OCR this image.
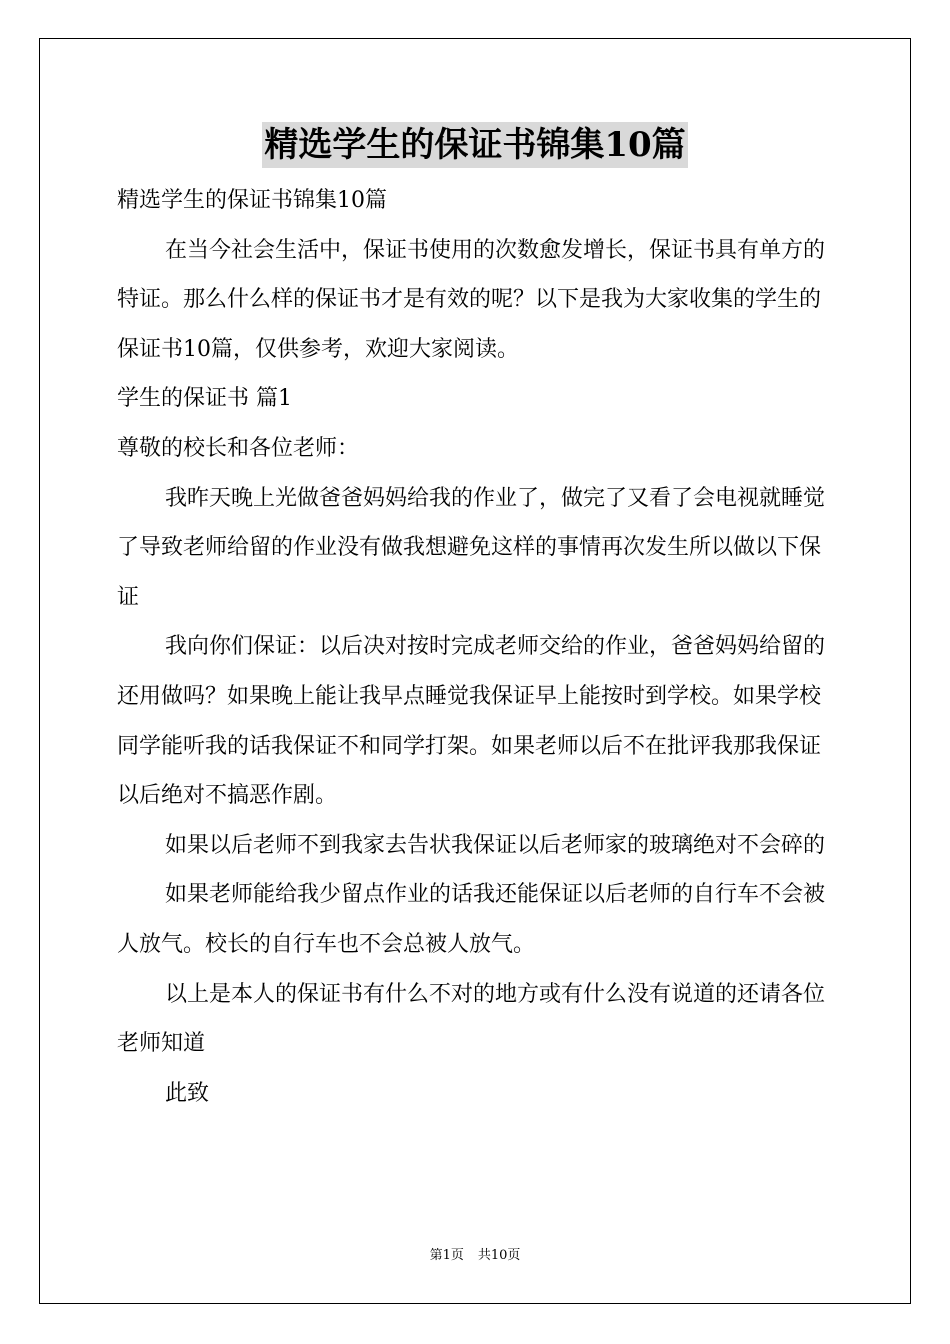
精选学生的保证书锦集10篇

精选学生的保证书锦集10篇

在当今社会生活中，保证书使用的次数愈发增长，保证书具有单方的特证。那么什么样的保证书才是有效的呢？以下是我为大家收集的学生的保证书10篇，仅供参考，欢迎大家阅读。

学生的保证书 篇1

尊敬的校长和各位老师：

我昨天晚上光做爸爸妈妈给我的作业了，做完了又看了会电视就睡觉了导致老师给留的作业没有做我想避免这样的事情再次发生所以做以下保证

我向你们保证：以后决对按时完成老师交给的作业，爸爸妈妈给留的还用做吗？如果晚上能让我早点睡觉我保证早上能按时到学校。如果学校同学能听我的话我保证不和同学打架。如果老师以后不在批评我那我保证以后绝对不搞恶作剧。

如果以后老师不到我家去告状我保证以后老师家的玻璃绝对不会碎的

如果老师能给我少留点作业的话我还能保证以后老师的自行车不会被人放气。校长的自行车也不会总被人放气。

以上是本人的保证书有什么不对的地方或有什么没有说道的还请各位老师知道

此致

第1页 共10页
